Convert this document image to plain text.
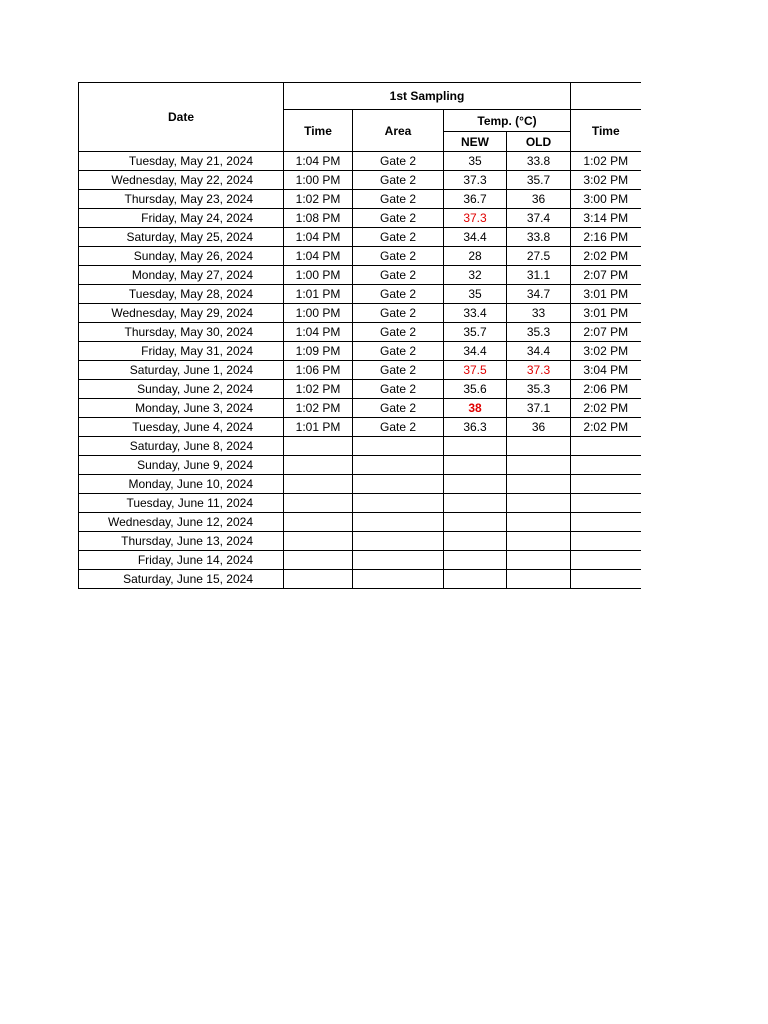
Date	1st Sampling				
	Time	Area	Temp. (°C)		Time
			NEW	OLD	
Tuesday, May 21, 2024	1:04 PM	Gate 2	35	33.8	1:02 PM
Wednesday, May 22, 2024	1:00 PM	Gate 2	37.3	35.7	3:02 PM
Thursday, May 23, 2024	1:02 PM	Gate 2	36.7	36	3:00 PM
Friday, May 24, 2024	1:08 PM	Gate 2	37.3	37.4	3:14 PM
Saturday, May 25, 2024	1:04 PM	Gate 2	34.4	33.8	2:16 PM
Sunday, May 26, 2024	1:04 PM	Gate 2	28	27.5	2:02 PM
Monday, May 27, 2024	1:00 PM	Gate 2	32	31.1	2:07 PM
Tuesday, May 28, 2024	1:01 PM	Gate 2	35	34.7	3:01 PM
Wednesday, May 29, 2024	1:00 PM	Gate 2	33.4	33	3:01 PM
Thursday, May 30, 2024	1:04 PM	Gate 2	35.7	35.3	2:07 PM
Friday, May 31, 2024	1:09 PM	Gate 2	34.4	34.4	3:02 PM
Saturday, June 1, 2024	1:06 PM	Gate 2	37.5	37.3	3:04 PM
Sunday, June 2, 2024	1:02 PM	Gate 2	35.6	35.3	2:06 PM
Monday, June 3, 2024	1:02 PM	Gate 2	38	37.1	2:02 PM
Tuesday, June 4, 2024	1:01 PM	Gate 2	36.3	36	2:02 PM
Saturday, June 8, 2024					
Sunday, June 9, 2024					
Monday, June 10, 2024					
Tuesday, June 11, 2024					
Wednesday, June 12, 2024					
Thursday, June 13, 2024					
Friday, June 14, 2024					
Saturday, June 15, 2024					
